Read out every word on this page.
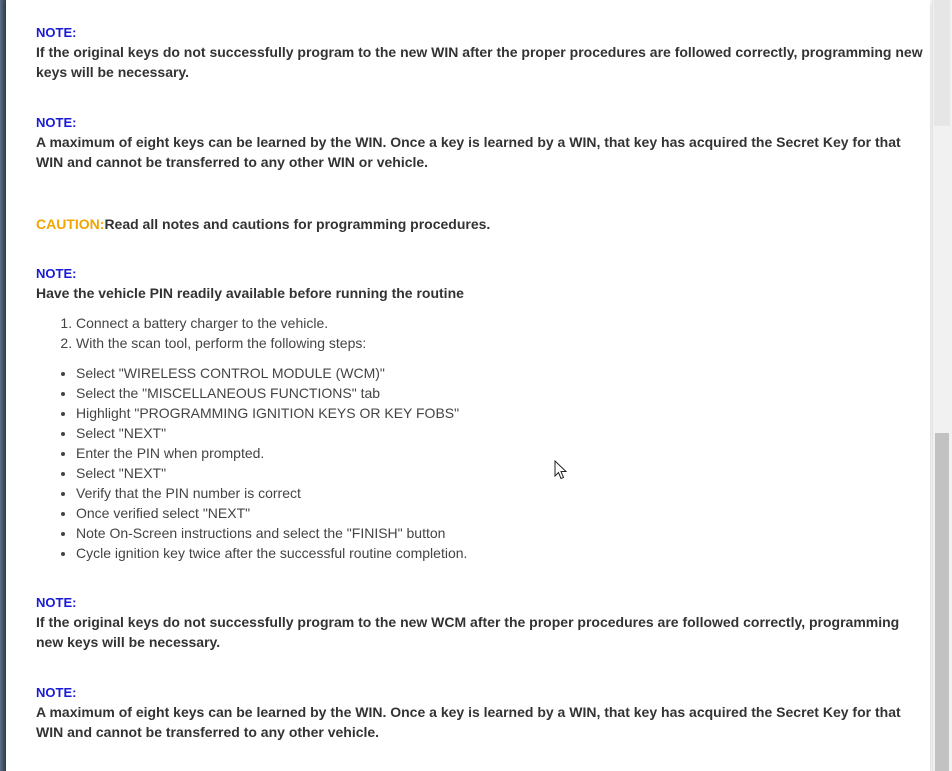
NOTE:
If the original keys do not successfully program to the new WIN after the proper procedures are followed correctly, programming new keys will be necessary.
NOTE:
A maximum of eight keys can be learned by the WIN. Once a key is learned by a WIN, that key has acquired the Secret Key for that WIN and cannot be transferred to any other WIN or vehicle.
CAUTION:Read all notes and cautions for programming procedures.
NOTE:
Have the vehicle PIN readily available before running the routine
1. Connect a battery charger to the vehicle.
2. With the scan tool, perform the following steps:
• Select "WIRELESS CONTROL MODULE (WCM)"
• Select the "MISCELLANEOUS FUNCTIONS" tab
• Highlight "PROGRAMMING IGNITION KEYS OR KEY FOBS"
• Select "NEXT"
• Enter the PIN when prompted.
• Select "NEXT"
• Verify that the PIN number is correct
• Once verified select "NEXT"
• Note On-Screen instructions and select the "FINISH" button
• Cycle ignition key twice after the successful routine completion.
NOTE:
If the original keys do not successfully program to the new WCM after the proper procedures are followed correctly, programming new keys will be necessary.
NOTE:
A maximum of eight keys can be learned by the WIN. Once a key is learned by a WIN, that key has acquired the Secret Key for that WIN and cannot be transferred to any other vehicle.
